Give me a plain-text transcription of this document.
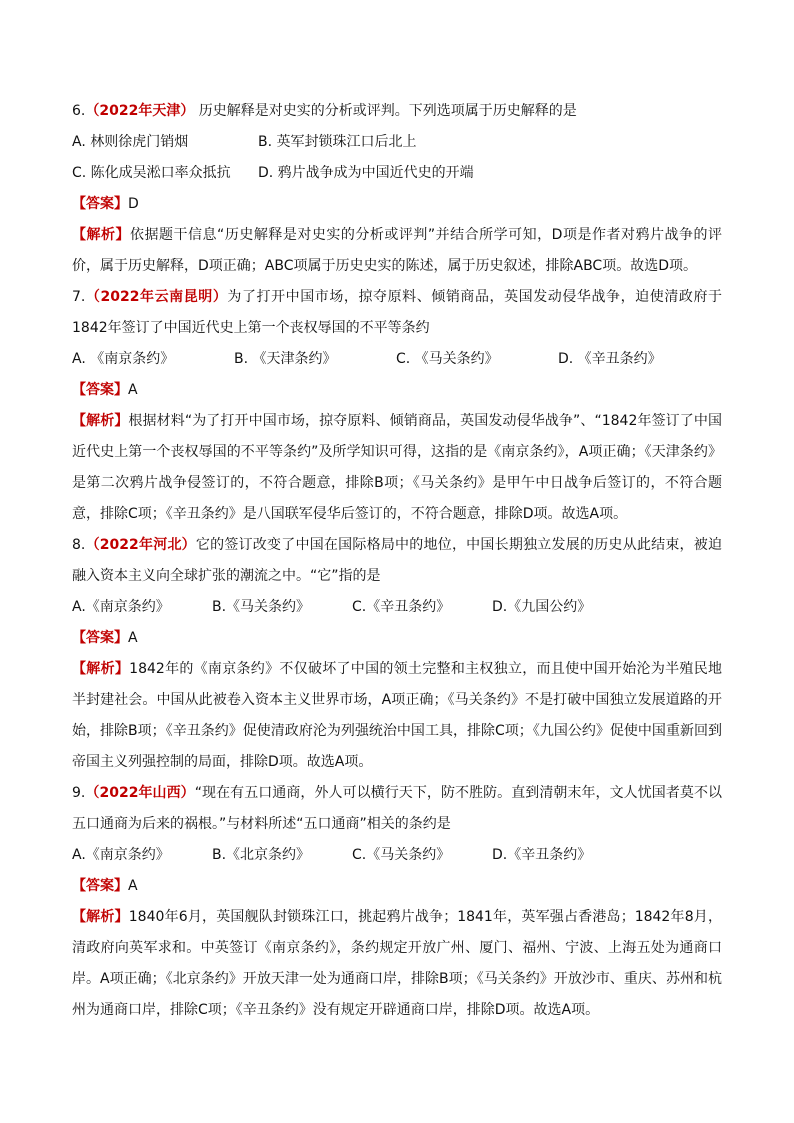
6.（2022年天津） 历史解释是对史实的分析或评判。下列选项属于历史解释的是
A. 林则徐虎门销烟	B. 英军封锁珠江口后北上
C. 陈化成吴淞口率众抵抗	D. 鸦片战争成为中国近代史的开端
【答案】D
【解析】依据题干信息“历史解释是对史实的分析或评判”并结合所学可知，D项是作者对鸦片战争的评价，属于历史解释，D项正确；ABC项属于历史史实的陈述，属于历史叙述，排除ABC项。故选D项。
7.（2022年云南昆明）为了打开中国市场，掠夺原料、倾销商品，英国发动侵华战争，迫使清政府于1842年签订了中国近代史上第一个丧权辱国的不平等条约
A. 《南京条约》	B. 《天津条约》	C. 《马关条约》	D. 《辛丑条约》
【答案】A
【解析】根据材料“为了打开中国市场，掠夺原料、倾销商品，英国发动侵华战争”、“1842年签订了中国近代史上第一个丧权辱国的不平等条约”及所学知识可得，这指的是《南京条约》，A项正确；《天津条约》是第二次鸦片战争侵签订的，不符合题意，排除B项；《马关条约》是甲午中日战争后签订的，不符合题意，排除C项；《辛丑条约》是八国联军侵华后签订的，不符合题意，排除D项。故选A项。
8.（2022年河北）它的签订改变了中国在国际格局中的地位，中国长期独立发展的历史从此结束，被迫融入资本主义向全球扩张的潮流之中。“它”指的是
A.《南京条约》	B.《马关条约》	C.《辛丑条约》	D.《九国公约》
【答案】A
【解析】1842年的《南京条约》不仅破坏了中国的领土完整和主权独立，而且使中国开始沦为半殖民地半封建社会。中国从此被卷入资本主义世界市场，A项正确；《马关条约》不是打破中国独立发展道路的开始，排除B项；《辛丑条约》促使清政府沦为列强统治中国工具，排除C项；《九国公约》促使中国重新回到帝国主义列强控制的局面，排除D项。故选A项。
9.（2022年山西）“现在有五口通商，外人可以横行天下，防不胜防。直到清朝末年，文人忧国者莫不以五口通商为后来的祸根。”与材料所述“五口通商”相关的条约是
A.《南京条约》	B.《北京条约》	C.《马关条约》	D.《辛丑条约》
【答案】A
【解析】1840年6月，英国舰队封锁珠江口，挑起鸦片战争；1841年，英军强占香港岛；1842年8月，清政府向英军求和。中英签订《南京条约》，条约规定开放广州、厦门、福州、宁波、上海五处为通商口岸。A项正确；《北京条约》开放天津一处为通商口岸，排除B项；《马关条约》开放沙市、重庆、苏州和杭州为通商口岸，排除C项；《辛丑条约》没有规定开辟通商口岸，排除D项。故选A项。
